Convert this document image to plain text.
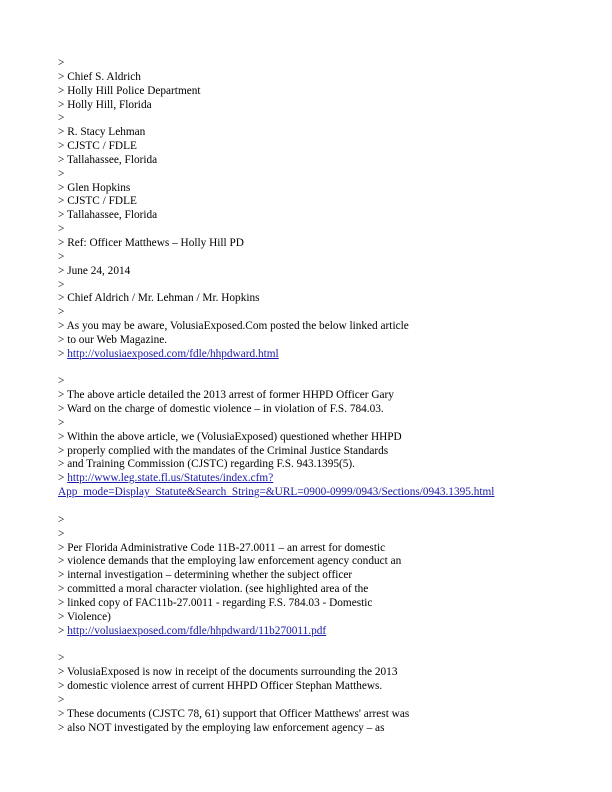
>
> Chief S. Aldrich
> Holly Hill Police Department
> Holly Hill, Florida
>
> R. Stacy Lehman
> CJSTC / FDLE
> Tallahassee, Florida
>
> Glen Hopkins
> CJSTC / FDLE
> Tallahassee, Florida
>
> Ref: Officer Matthews – Holly Hill PD
>
> June 24, 2014
>
> Chief Aldrich / Mr. Lehman / Mr. Hopkins
>
> As you may be aware, VolusiaExposed.Com posted the below linked article
> to our Web Magazine.
> http://volusiaexposed.com/fdle/hhpdward.html
>
> The above article detailed the 2013 arrest of former HHPD Officer Gary
> Ward on the charge of domestic violence – in violation of F.S. 784.03.
>
> Within the above article, we (VolusiaExposed) questioned whether HHPD
> properly complied with the mandates of the Criminal Justice Standards
> and Training Commission (CJSTC) regarding F.S. 943.1395(5).
> http://www.leg.state.fl.us/Statutes/index.cfm?
App_mode=Display_Statute&Search_String=&URL=0900-0999/0943/Sections/0943.1395.html
>
>
> Per Florida Administrative Code 11B-27.0011 – an arrest for domestic
> violence demands that the employing law enforcement agency conduct an
> internal investigation – determining whether the subject officer
> committed a moral character violation. (see highlighted area of the
> linked copy of FAC11b-27.0011 - regarding F.S. 784.03 - Domestic
> Violence)
> http://volusiaexposed.com/fdle/hhpdward/11b270011.pdf
>
> VolusiaExposed is now in receipt of the documents surrounding the 2013
> domestic violence arrest of current HHPD Officer Stephan Matthews.
>
> These documents (CJSTC 78, 61) support that Officer Matthews' arrest was
> also NOT investigated by the employing law enforcement agency – as
